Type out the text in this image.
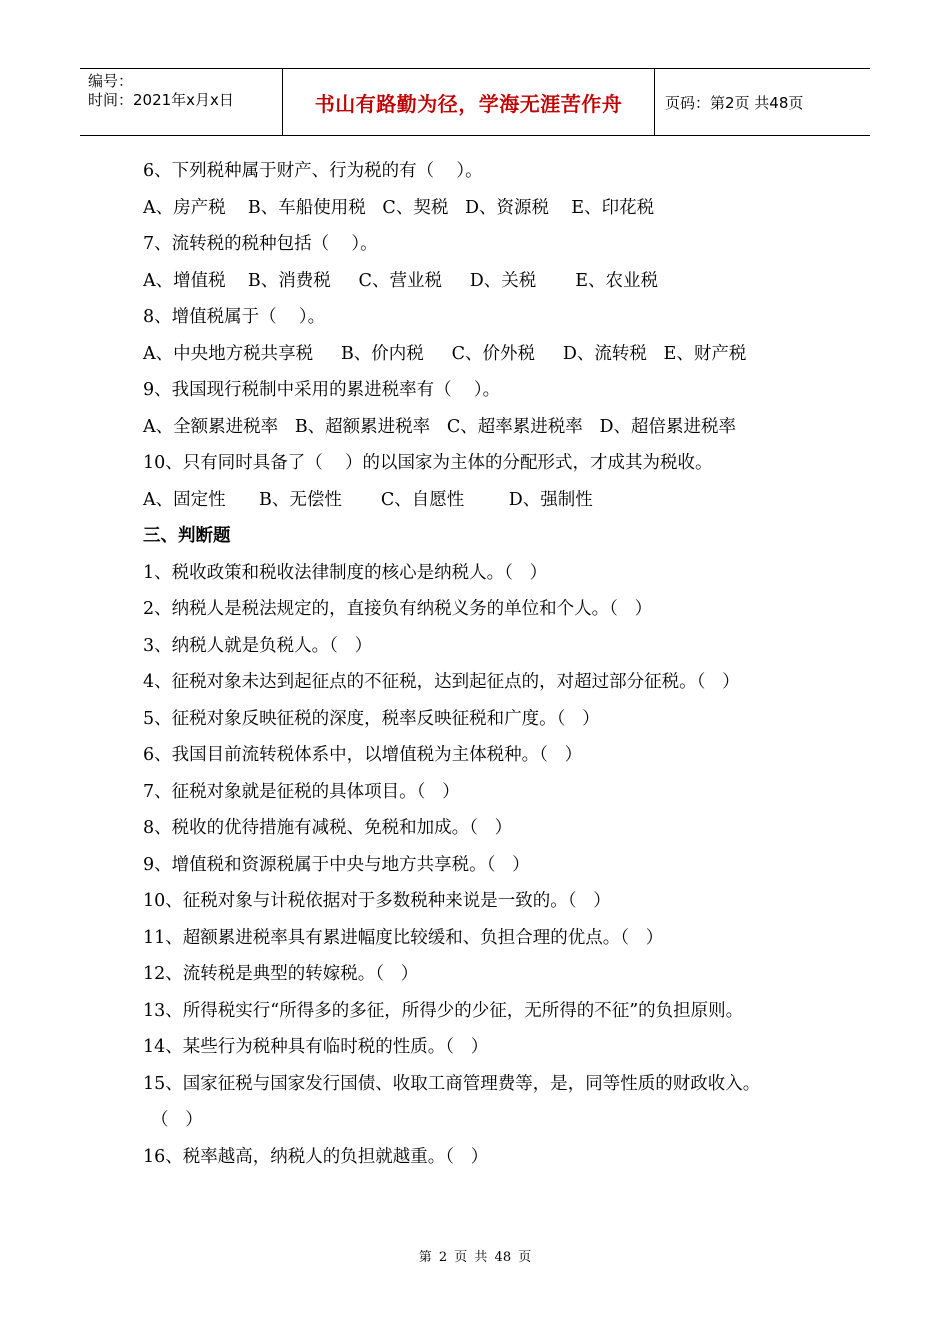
编号：
时间：2021年x月x日	书山有路勤为径，学海无涯苦作舟	页码：第2页 共48页
6、下列税种属于财产、行为税的有（    ）。
A、房产税    B、车船使用税   C、契税   D、资源税    E、印花税
7、流转税的税种包括（    ）。
A、增值税    B、消费税     C、营业税     D、关税       E、农业税
8、增值税属于（    ）。
A、中央地方税共享税     B、价内税     C、价外税     D、流转税   E、财产税
9、我国现行税制中采用的累进税率有（    ）。
A、全额累进税率   B、超额累进税率   C、超率累进税率   D、超倍累进税率
10、只有同时具备了（    ）的以国家为主体的分配形式，才成其为税收。
A、固定性      B、无偿性       C、自愿性        D、强制性
三、判断题
1、税收政策和税收法律制度的核心是纳税人。（   ）
2、纳税人是税法规定的，直接负有纳税义务的单位和个人。（   ）
3、纳税人就是负税人。（   ）
4、征税对象未达到起征点的不征税，达到起征点的，对超过部分征税。（   ）
5、征税对象反映征税的深度，税率反映征税和广度。（   ）
6、我国目前流转税体系中，以增值税为主体税种。（   ）
7、征税对象就是征税的具体项目。（   ）
8、税收的优待措施有减税、免税和加成。（   ）
9、增值税和资源税属于中央与地方共享税。（   ）
10、征税对象与计税依据对于多数税种来说是一致的。（   ）
11、超额累进税率具有累进幅度比较缓和、负担合理的优点。（   ）
12、流转税是典型的转嫁税。（   ）
13、所得税实行“所得多的多征，所得少的少征，无所得的不征”的负担原则。
14、某些行为税种具有临时税的性质。（   ）
15、国家征税与国家发行国债、收取工商管理费等，是，同等性质的财政收入。
（   ）
16、税率越高，纳税人的负担就越重。（   ）
第 2 页 共 48 页
